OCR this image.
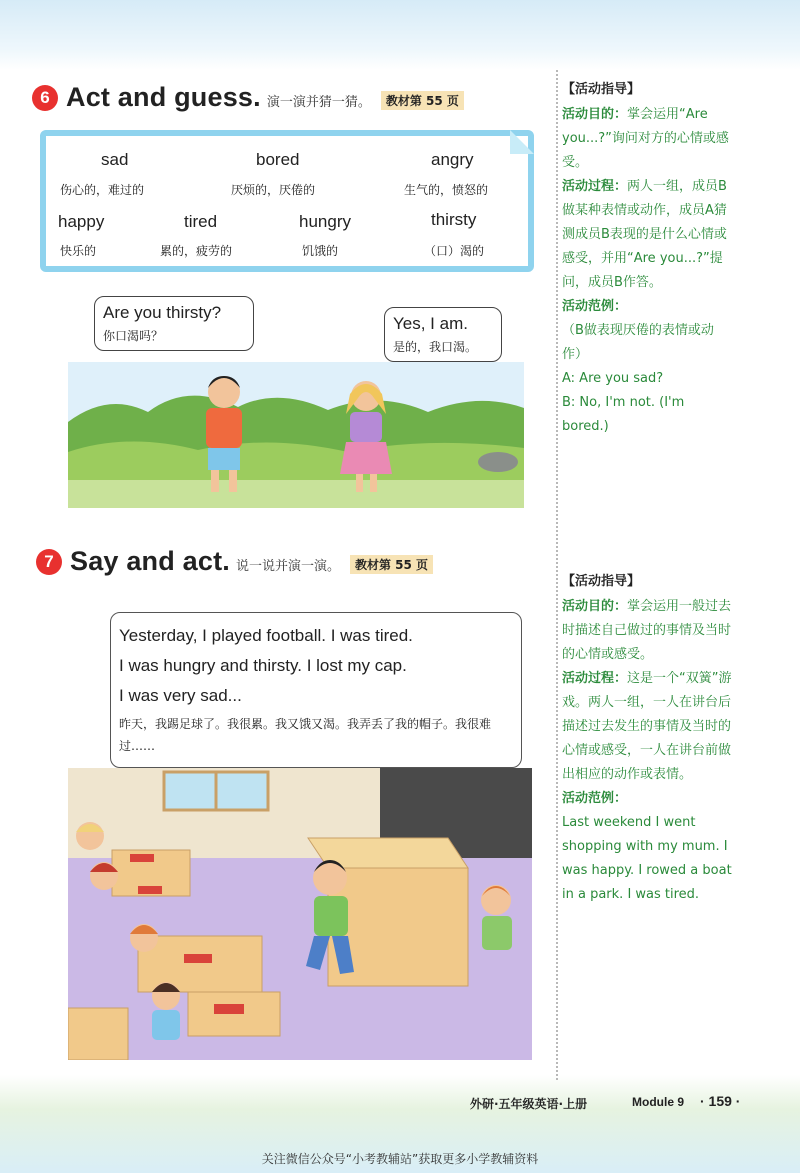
6 Act and guess. 演一演并猜一猜。	教材第 55 页
sad
伤心的，难过的
bored
厌烦的，厌倦的
angry
生气的，愤怒的
happy
快乐的
tired
累的，疲劳的
hungry
饥饿的
thirsty
（口）渴的
Are you thirsty?
你口渴吗？
Yes, I am.
是的，我口渴。
7 Say and act. 说一说并演一演。	教材第 55 页
Yesterday, I played football. I was tired.
I was hungry and thirsty. I lost my cap.
I was very sad...
昨天，我踢足球了。我很累。我又饿又渴。我弄丢了我的帽子。我很难过……
【活动指导】

活动目的：掌会运用“Are you...?”询问对方的心情或感受。

活动过程：两人一组，成员B做某种表情或动作，成员A猜测成员B表现的是什么心情或感受，并用“Are you...?”提问，成员B作答。

活动范例：

（B做表现厌倦的表情或动作）

A: Are you sad?

B: No, I'm not. (I'm bored.)

【活动指导】

活动目的：掌会运用一般过去时描述自己做过的事情及当时的心情或感受。

活动过程：这是一个“双簧”游戏。两人一组，一人在讲台后描述过去发生的事情及当时的心情或感受，一人在讲台前做出相应的动作或表情。

活动范例：

Last weekend I went shopping with my mum. I was happy. I rowed a boat in a park. I was tired.

外研·五年级英语·上册	Module 9 · 159 ·
关注微信公众号“小考教辅站”获取更多小学教辅资料
